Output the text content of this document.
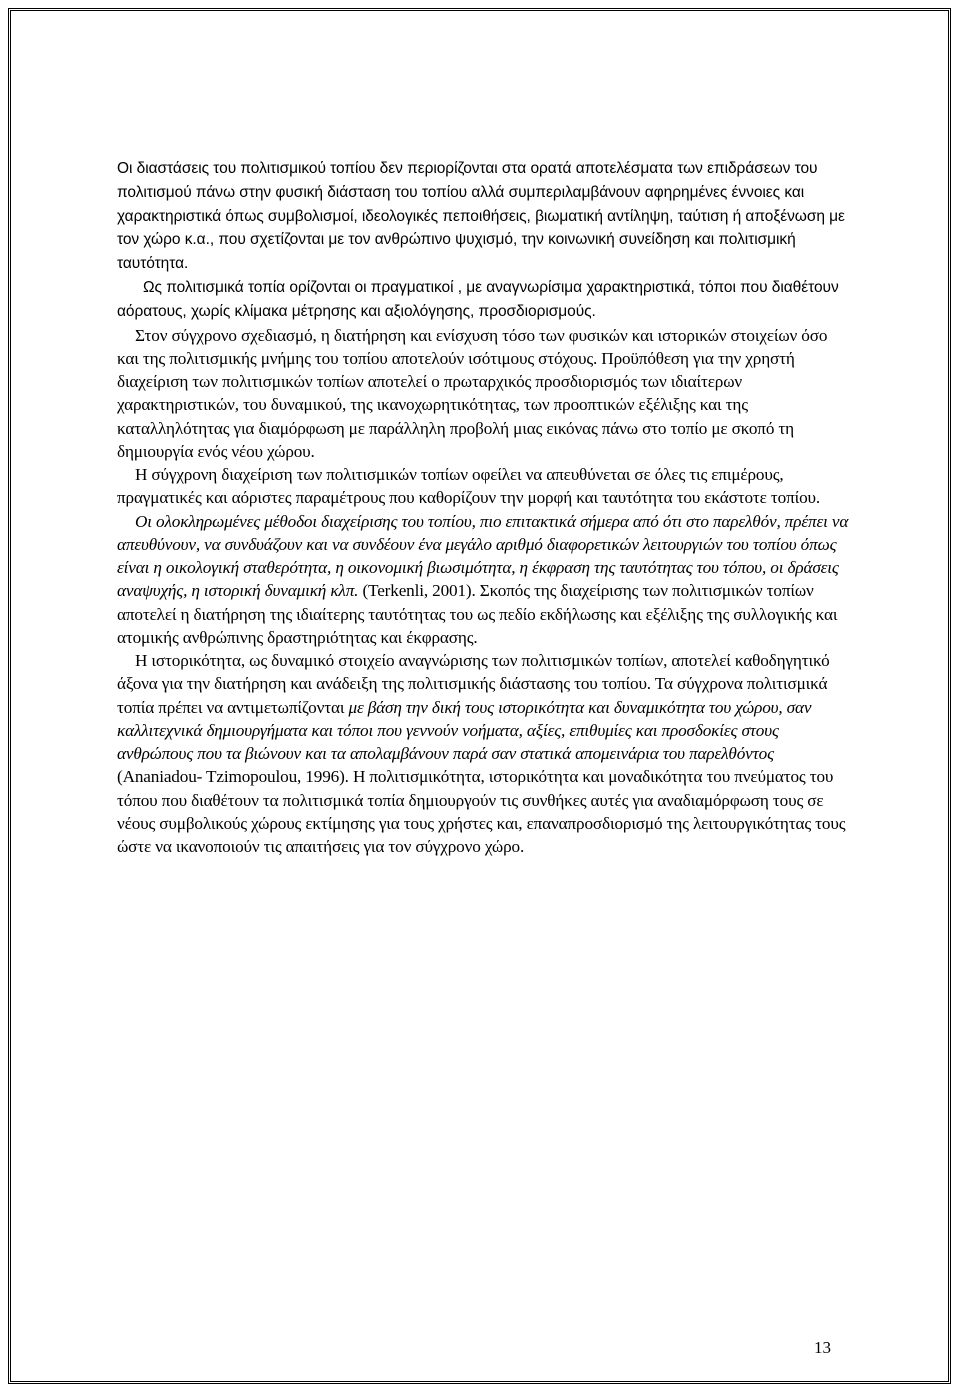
Οι διαστάσεις του πολιτισμικού τοπίου δεν περιορίζονται στα ορατά αποτελέσματα των επιδράσεων του πολιτισμού πάνω στην φυσική διάσταση του τοπίου αλλά συμπεριλαμβάνουν αφηρημένες έννοιες και χαρακτηριστικά όπως συμβολισμοί, ιδεολογικές πεποιθήσεις, βιωματική αντίληψη, ταύτιση ή αποξένωση με τον χώρο κ.α., που σχετίζονται με τον ανθρώπινο ψυχισμό, την κοινωνική συνείδηση και πολιτισμική ταυτότητα.

Ως πολιτισμικά τοπία ορίζονται οι πραγματικοί , με αναγνωρίσιμα χαρακτηριστικά, τόποι που διαθέτουν αόρατους, χωρίς κλίμακα μέτρησης και αξιολόγησης, προσδιορισμούς.

Στον σύγχρονο σχεδιασμό, η διατήρηση και ενίσχυση τόσο των φυσικών και ιστορικών στοιχείων όσο και της πολιτισμικής μνήμης του τοπίου αποτελούν ισότιμους στόχους. Προϋπόθεση για την χρηστή διαχείριση των πολιτισμικών τοπίων αποτελεί ο πρωταρχικός προσδιορισμός των ιδιαίτερων χαρακτηριστικών, του δυναμικού, της ικανοχωρητικότητας, των προοπτικών εξέλιξης και της καταλληλότητας για διαμόρφωση με παράλληλη προβολή μιας εικόνας πάνω στο τοπίο με σκοπό τη δημιουργία ενός νέου χώρου.

Η σύγχρονη διαχείριση των πολιτισμικών τοπίων οφείλει να απευθύνεται σε όλες τις επιμέρους, πραγματικές και αόριστες παραμέτρους που καθορίζουν την μορφή και ταυτότητα του εκάστοτε τοπίου.

Οι ολοκληρωμένες μέθοδοι διαχείρισης του τοπίου, πιο επιτακτικά σήμερα από ότι στο παρελθόν, πρέπει να απευθύνουν, να συνδυάζουν και να συνδέουν ένα μεγάλο αριθμό διαφορετικών λειτουργιών του τοπίου όπως είναι η οικολογική σταθερότητα, η οικονομική βιωσιμότητα, η έκφραση της ταυτότητας του τόπου, οι δράσεις αναψυχής, η ιστορική δυναμική κλπ. (Terkenli, 2001). Σκοπός της διαχείρισης των πολιτισμικών τοπίων αποτελεί η διατήρηση της ιδιαίτερης ταυτότητας του ως πεδίο εκδήλωσης και εξέλιξης της συλλογικής και ατομικής ανθρώπινης δραστηριότητας και έκφρασης.

Η ιστορικότητα, ως δυναμικό στοιχείο αναγνώρισης των πολιτισμικών τοπίων, αποτελεί καθοδηγητικό άξονα για την διατήρηση και ανάδειξη της πολιτισμικής διάστασης του τοπίου. Τα σύγχρονα πολιτισμικά τοπία πρέπει να αντιμετωπίζονται με βάση την δική τους ιστορικότητα και δυναμικότητα του χώρου, σαν καλλιτεχνικά δημιουργήματα και τόποι που γεννούν νοήματα, αξίες, επιθυμίες και προσδοκίες στους ανθρώπους που τα βιώνουν και τα απολαμβάνουν παρά σαν στατικά απομεινάρια του παρελθόντος (Ananiadou- Tzimopoulou, 1996). Η πολιτισμικότητα, ιστορικότητα και μοναδικότητα του πνεύματος του τόπου που διαθέτουν τα πολιτισμικά τοπία δημιουργούν τις συνθήκες αυτές για αναδιαμόρφωση τους σε νέους συμβολικούς χώρους εκτίμησης για τους χρήστες και, επαναπροσδιορισμό της λειτουργικότητας τους ώστε να ικανοποιούν τις απαιτήσεις για τον σύγχρονο χώρο.

13
